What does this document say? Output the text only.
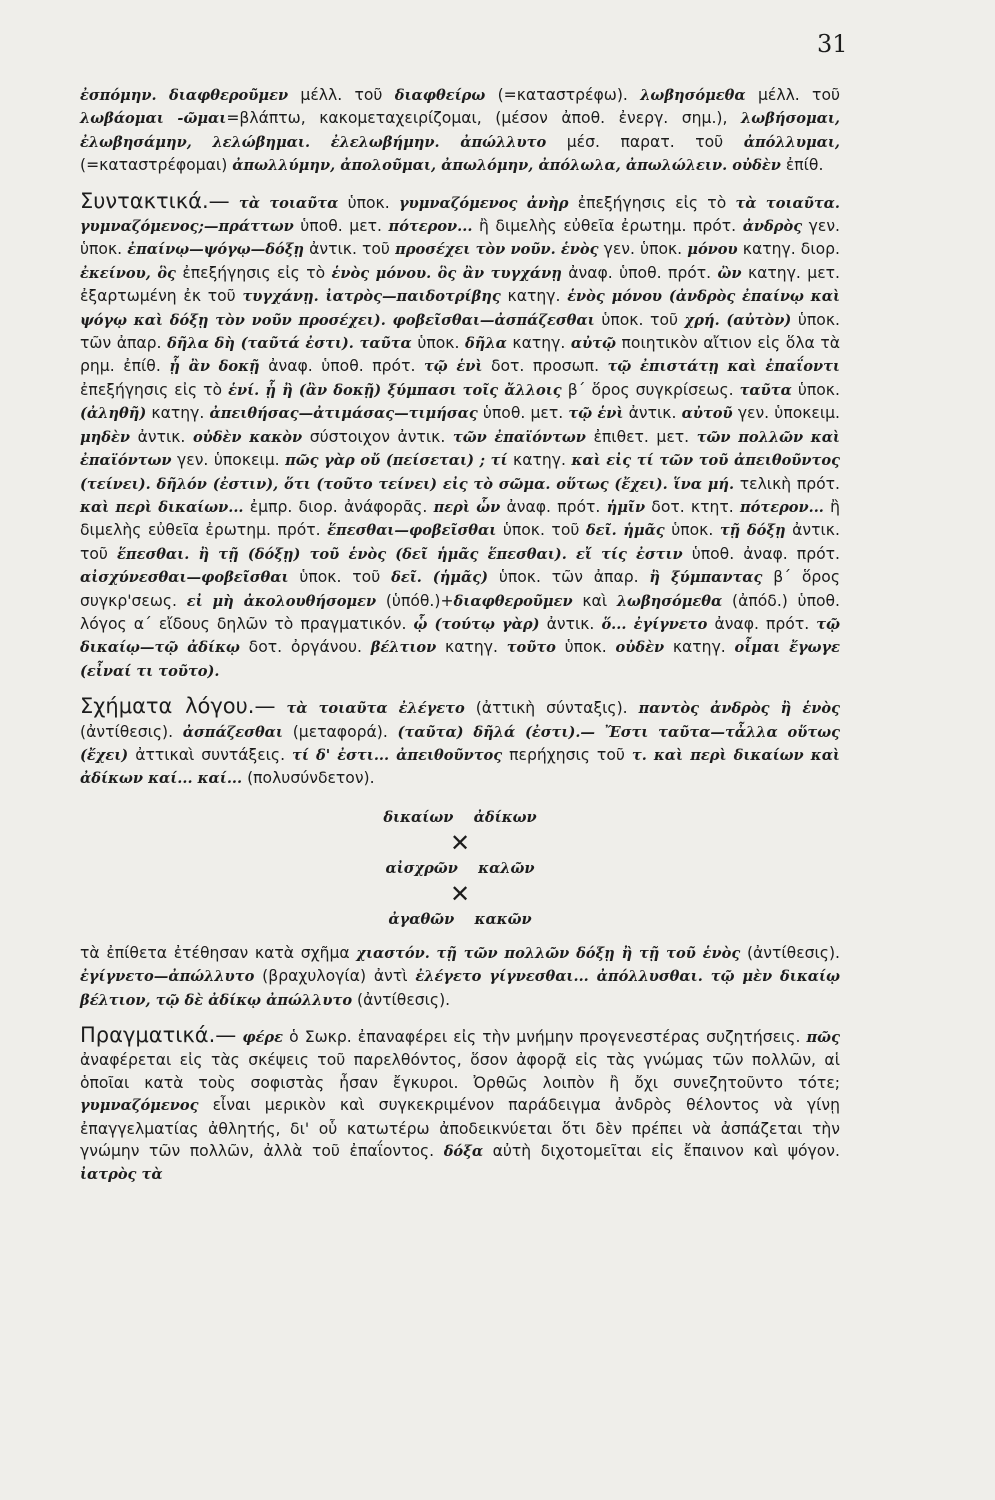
31

ἐσπόμην. διαφθεροῦμεν μέλλ. τοῦ διαφθείρω (=καταστρέφω). λωβησόμεθα μέλλ. τοῦ λωβάομαι -ῶμαι=βλάπτω, κακομεταχειρίζομαι, (μέσον ἀποθ. ἐνεργ. σημ.), λωβήσομαι, ἐλωβησάμην, λελώβημαι. ἐλελωβήμην. ἀπώλλυτο μέσ. παρατ. τοῦ ἀπόλλυμαι, (=καταστρέφομαι) ἀπωλλύμην, ἀπολοῦμαι, ἀπωλόμην, ἀπόλωλα, ἀπωλώλειν. οὐδὲν ἐπίθ.

Συντακτικά.— τὰ τοιαῦτα ὑποκ. γυμναζόμενος ἀνὴρ ἐπεξήγησις εἰς τὸ τὰ τοιαῦτα. γυμναζόμενος;—πράττων ὑποθ. μετ. πότερον... ἢ διμελὴς εὐθεῖα ἐρωτημ. πρότ. ἀνδρὸς γεν. ὑποκ. ἐπαίνῳ—ψόγῳ—δόξῃ ἀντικ. τοῦ προσέχει τὸν νοῦν. ἑνὸς γεν. ὑποκ. μόνου κατηγ. διορ. ἐκείνου, ὃς ἐπεξήγησις εἰς τὸ ἑνὸς μόνου. ὃς ἂν τυγχάνῃ ἀναφ. ὑποθ. πρότ. ὢν κατηγ. μετ. ἐξαρτωμένη ἐκ τοῦ τυγχάνῃ. ἰατρὸς—παιδοτρίβης κατηγ. ἑνὸς μόνου (ἀνδρὸς ἐπαίνῳ καὶ ψόγῳ καὶ δόξῃ τὸν νοῦν προσέχει). φοβεῖσθαι—ἀσπάζεσθαι ὑποκ. τοῦ χρή. (αὐτὸν) ὑποκ. τῶν ἀπαρ. δῆλα δὴ (ταῦτά ἐστι). ταῦτα ὑποκ. δῆλα κατηγ. αὐτῷ ποιητικὸν αἴτιον εἰς ὅλα τὰ ρημ. ἐπίθ. ᾗ ἂν δοκῇ ἀναφ. ὑποθ. πρότ. τῷ ἑνὶ δοτ. προσωπ. τῷ ἐπιστάτῃ καὶ ἐπαΐοντι ἐπεξήγησις εἰς τὸ ἑνί. ᾗ ἢ (ἂν δοκῇ) ξύμπασι τοῖς ἄλλοις β΄ ὅρος συγκρίσεως. ταῦτα ὑποκ. (ἀληθῆ) κατηγ. ἀπειθήσας—ἀτιμάσας—τιμήσας ὑποθ. μετ. τῷ ἑνὶ ἀντικ. αὐτοῦ γεν. ὑποκειμ. μηδὲν ἀντικ. οὐδὲν κακὸν σύστοιχον ἀντικ. τῶν ἐπαϊόντων ἐπιθετ. μετ. τῶν πολλῶν καὶ ἐπαϊόντων γεν. ὑποκειμ. πῶς γὰρ οὔ (πείσεται) ; τί κατηγ. καὶ εἰς τί τῶν τοῦ ἀπειθοῦντος (τείνει). δῆλόν (ἐστιν), ὅτι (τοῦτο τείνει) εἰς τὸ σῶμα. οὕτως (ἔχει). ἵνα μή. τελικὴ πρότ. καὶ περὶ δικαίων... ἐμπρ. διορ. ἀνάφορᾶς. περὶ ὧν ἀναφ. πρότ. ἡμῖν δοτ. κτητ. πότερον... ἢ διμελὴς εὐθεῖα ἐρωτημ. πρότ. ἕπεσθαι—φοβεῖσθαι ὑποκ. τοῦ δεῖ. ἡμᾶς ὑποκ. τῇ δόξῃ ἀντικ. τοῦ ἕπεσθαι. ἢ τῇ (δόξῃ) τοῦ ἑνὸς (δεῖ ἡμᾶς ἕπεσθαι). εἴ τίς ἐστιν ὑποθ. ἀναφ. πρότ. αἰσχύνεσθαι—φοβεῖσθαι ὑποκ. τοῦ δεῖ. (ἡμᾶς) ὑποκ. τῶν ἀπαρ. ἢ ξύμπαντας β΄ ὅρος συγκρ'σεως. εἰ μὴ ἀκολουθήσομεν (ὑπόθ.)+διαφθεροῦμεν καὶ λωβησόμεθα (ἀπόδ.) ὑποθ. λόγος α΄ εἴδους δηλῶν τὸ πραγματικόν. ᾧ (τούτῳ γὰρ) ἀντικ. ὅ... ἐγίγνετο ἀναφ. πρότ. τῷ δικαίῳ—τῷ ἀδίκῳ δοτ. ὀργάνου. βέλτιον κατηγ. τοῦτο ὑποκ. οὐδὲν κατηγ. οἶμαι ἔγωγε (εἶναί τι τοῦτο).

Σχήματα λόγου.— τὰ τοιαῦτα ἐλέγετο (ἀττικὴ σύνταξις). παντὸς ἀνδρὸς ἢ ἑνὸς (ἀντίθεσις). ἀσπάζεσθαι (μεταφορά). (ταῦτα) δῆλά (ἐστι).— Ἔστι ταῦτα—τἆλλα οὕτως (ἔχει) ἀττικαὶ συντάξεις. τί δ' ἐστι... ἀπειθοῦντος περήχησις τοῦ τ. καὶ περὶ δικαίων καὶ ἀδίκων καί... καί... (πολυσύνδετον).

δικαίων    ἀδίκων
✕
αἰσχρῶν    καλῶν
✕
ἀγαθῶν    κακῶν

τὰ ἐπίθετα ἐτέθησαν κατὰ σχῆμα χιαστόν. τῇ τῶν πολλῶν δόξῃ ἢ τῇ τοῦ ἑνὸς (ἀντίθεσις). ἐγίγνετο—ἀπώλλυτο (βραχυλογία) ἀντὶ ἐλέγετο γίγνεσθαι... ἀπόλλυσθαι. τῷ μὲν δικαίῳ βέλτιον, τῷ δὲ ἀδίκῳ ἀπώλλυτο (ἀντίθεσις).

Πραγματικά.— φέρε ὁ Σωκρ. ἐπαναφέρει εἰς τὴν μνήμην προγενεστέρας συζητήσεις. πῶς ἀναφέρεται εἰς τὰς σκέψεις τοῦ παρελθόντος, ὅσον ἀφορᾷ εἰς τὰς γνώμας τῶν πολλῶν, αἱ ὁποῖαι κατὰ τοὺς σοφιστὰς ἦσαν ἔγκυροι. Ὀρθῶς λοιπὸν ἢ ὄχι συνεζητοῦντο τότε; γυμναζόμενος εἶναι μερικὸν καὶ συγκεκριμένον παράδειγμα ἀνδρὸς θέλοντος νὰ γίνῃ ἐπαγγελματίας ἀθλητής, δι' οὗ κατωτέρω ἀποδεικνύεται ὅτι δὲν πρέπει νὰ ἀσπάζεται τὴν γνώμην τῶν πολλῶν, ἀλλὰ τοῦ ἐπαΐοντος. δόξα αὐτὴ διχοτομεῖται εἰς ἔπαινον καὶ ψόγον. ἰατρὸς τὰ
